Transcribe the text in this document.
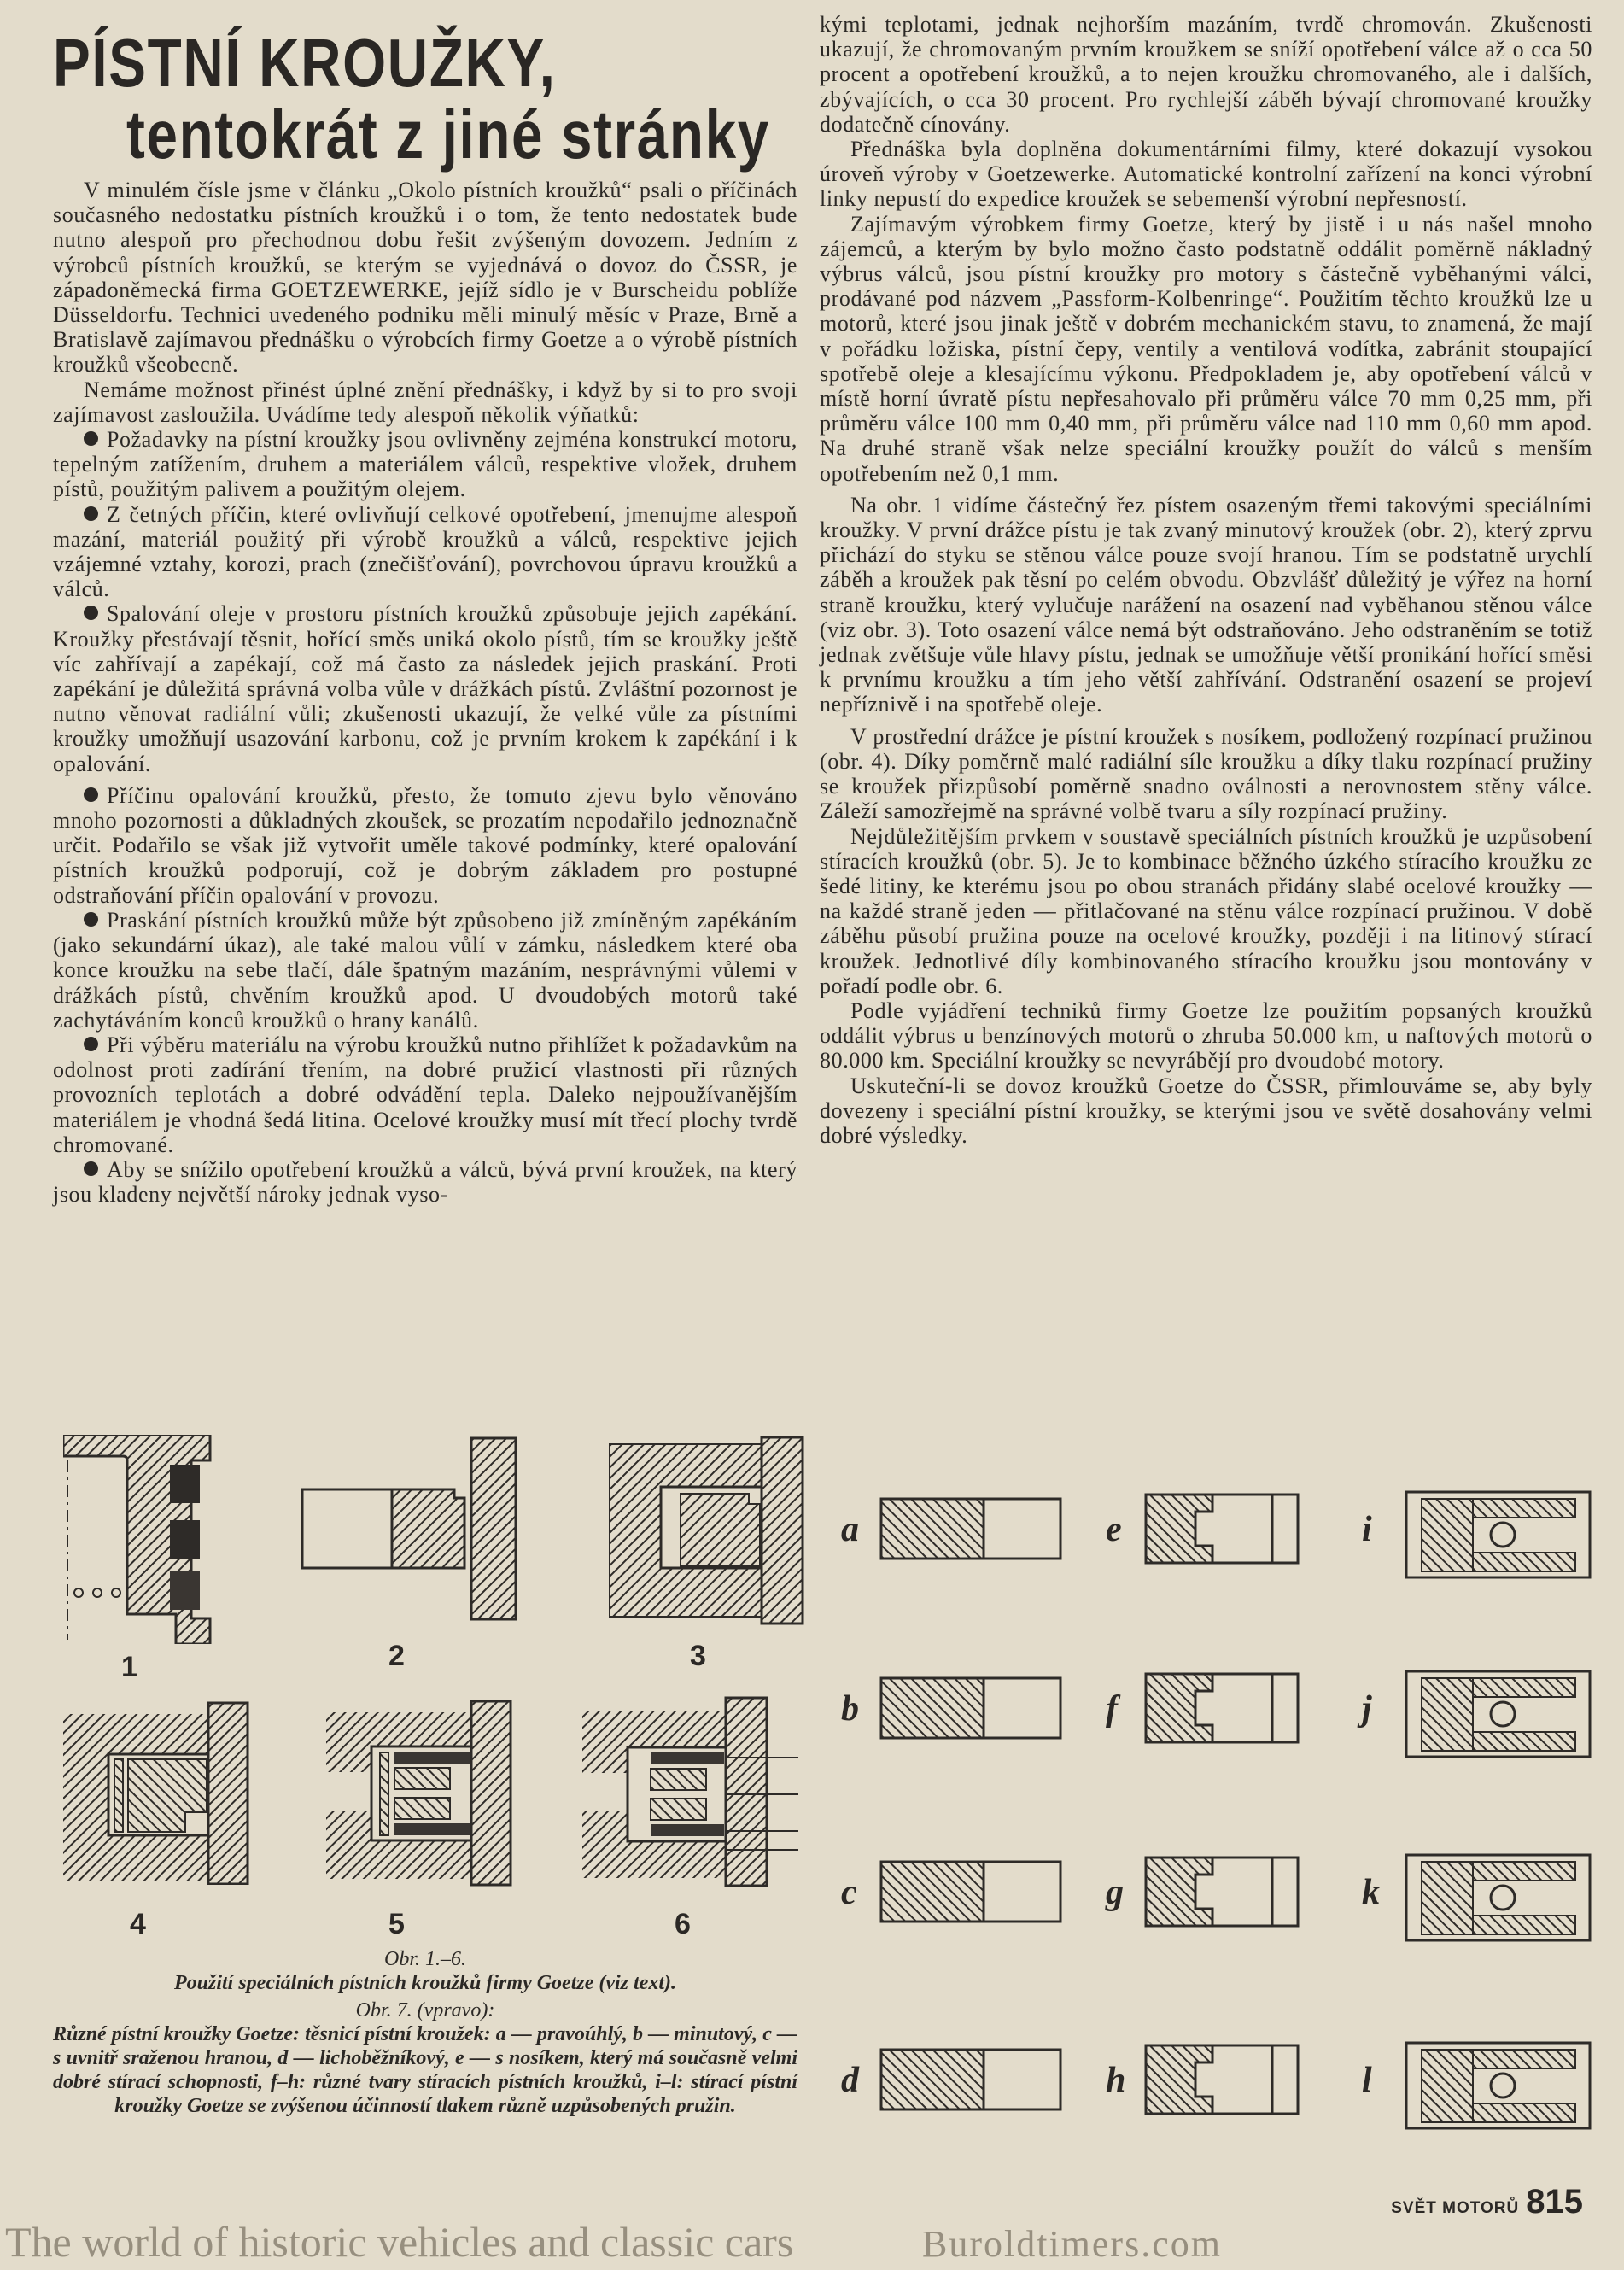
PÍSTNÍ KROUŽKY,
tentokrát z jiné stránky

V minulém čísle jsme v článku „Okolo pístních kroužků“ psali o příčinách současného nedostatku pístních kroužků i o tom, že tento nedostatek bude nutno alespoň pro přechodnou dobu řešit zvýšeným dovozem. Jedním z výrobců pístních kroužků, se kterým se vyjednává o dovoz do ČSSR, je západoněmecká firma GOETZEWERKE, jejíž sídlo je v Burscheidu poblíže Düsseldorfu. Technici uvedeného podniku měli minulý měsíc v Praze, Brně a Bratislavě zajímavou přednášku o výrobcích firmy Goetze a o výrobě pístních kroužků všeobecně.

Nemáme možnost přinést úplné znění přednášky, i když by si to pro svoji zajímavost zasloužila. Uvádíme tedy alespoň několik výňatků:

Požadavky na pístní kroužky jsou ovlivněny zejména konstrukcí motoru, tepelným zatížením, druhem a materiálem válců, respektive vložek, druhem pístů, použitým palivem a použitým olejem.

Z četných příčin, které ovlivňují celkové opotřebení, jmenujme alespoň mazání, materiál použitý při výrobě kroužků a válců, respektive jejich vzájemné vztahy, korozi, prach (znečišťování), povrchovou úpravu kroužků a válců.

Spalování oleje v prostoru pístních kroužků způsobuje jejich zapékání. Kroužky přestávají těsnit, hořící směs uniká okolo pístů, tím se kroužky ještě víc zahřívají a zapékají, což má často za následek jejich praskání. Proti zapékání je důležitá správná volba vůle v drážkách pístů. Zvláštní pozornost je nutno věnovat radiální vůli; zkušenosti ukazují, že velké vůle za pístními kroužky umožňují usazování karbonu, což je prvním krokem k zapékání i k opalování.

Příčinu opalování kroužků, přesto, že tomuto zjevu bylo věnováno mnoho pozornosti a důkladných zkoušek, se prozatím nepodařilo jednoznačně určit. Podařilo se však již vytvořit uměle takové podmínky, které opalování pístních kroužků podporují, což je dobrým základem pro postupné odstraňování příčin opalování v provozu.

Praskání pístních kroužků může být způsobeno již zmíněným zapékáním (jako sekundární úkaz), ale také malou vůlí v zámku, následkem které oba konce kroužku na sebe tlačí, dále špatným mazáním, nesprávnými vůlemi v drážkách pístů, chvěním kroužků apod. U dvoudobých motorů také zachytáváním konců kroužků o hrany kanálů.

Při výběru materiálu na výrobu kroužků nutno přihlížet k požadavkům na odolnost proti zadírání třením, na dobré pružicí vlastnosti při různých provozních teplotách a dobré odvádění tepla. Daleko nejpoužívanějším materiálem je vhodná šedá litina. Ocelové kroužky musí mít třecí plochy tvrdě chromované.

Aby se snížilo opotřebení kroužků a válců, bývá první kroužek, na který jsou kladeny největší nároky jednak vyso-

kými teplotami, jednak nejhorším mazáním, tvrdě chromován. Zkušenosti ukazují, že chromovaným prvním kroužkem se sníží opotřebení válce až o cca 50 procent a opotřebení kroužků, a to nejen kroužku chromovaného, ale i dalších, zbývajících, o cca 30 procent. Pro rychlejší záběh bývají chromované kroužky dodatečně cínovány.

Přednáška byla doplněna dokumentárními filmy, které dokazují vysokou úroveň výroby v Goetzewerke. Automatické kontrolní zařízení na konci výrobní linky nepustí do expedice kroužek se sebemenší výrobní nepřesností.

Zajímavým výrobkem firmy Goetze, který by jistě i u nás našel mnoho zájemců, a kterým by bylo možno často podstatně oddálit poměrně nákladný výbrus válců, jsou pístní kroužky pro motory s částečně vyběhanými válci, prodávané pod názvem „Passform-Kolbenringe“. Použitím těchto kroužků lze u motorů, které jsou jinak ještě v dobrém mechanickém stavu, to znamená, že mají v pořádku ložiska, pístní čepy, ventily a ventilová vodítka, zabránit stoupající spotřebě oleje a klesajícímu výkonu. Předpokladem je, aby opotřebení válců v místě horní úvratě pístu nepřesahovalo při průměru válce 70 mm 0,25 mm, při průměru válce 100 mm 0,40 mm, při průměru válce nad 110 mm 0,60 mm apod. Na druhé straně však nelze speciální kroužky použít do válců s menším opotřebením než 0,1 mm.

Na obr. 1 vidíme částečný řez pístem osazeným třemi takovými speciálními kroužky. V první drážce pístu je tak zvaný minutový kroužek (obr. 2), který zprvu přichází do styku se stěnou válce pouze svojí hranou. Tím se podstatně urychlí záběh a kroužek pak těsní po celém obvodu. Obzvlášť důležitý je výřez na horní straně kroužku, který vylučuje narážení na osazení nad vyběhanou stěnou válce (viz obr. 3). Toto osazení válce nemá být odstraňováno. Jeho odstraněním se totiž jednak zvětšuje vůle hlavy pístu, jednak se umožňuje větší pronikání hořící směsi k prvnímu kroužku a tím jeho větší zahřívání. Odstranění osazení se projeví nepříznivě i na spotřebě oleje.

V prostřední drážce je pístní kroužek s nosíkem, podložený rozpínací pružinou (obr. 4). Díky poměrně malé radiální síle kroužku a díky tlaku rozpínací pružiny se kroužek přizpůsobí poměrně snadno oválnosti a nerovnostem stěny válce. Záleží samozřejmě na správné volbě tvaru a síly rozpínací pružiny.

Nejdůležitějším prvkem v soustavě speciálních pístních kroužků je uzpůsobení stíracích kroužků (obr. 5). Je to kombinace běžného úzkého stíracího kroužku ze šedé litiny, ke kterému jsou po obou stranách přidány slabé ocelové kroužky — na každé straně jeden — přitlačované na stěnu válce rozpínací pružinou. V době záběhu působí pružina pouze na ocelové kroužky, později i na litinový stírací kroužek. Jednotlivé díly kombinovaného stíracího kroužku jsou montovány v pořadí podle obr. 6.

Podle vyjádření techniků firmy Goetze lze použitím popsaných kroužků oddálit výbrus u benzínových motorů o zhruba 50.000 km, u naftových motorů o 80.000 km. Speciální kroužky se nevyrábějí pro dvoudobé motory.

Uskuteční-li se dovoz kroužků Goetze do ČSSR, přimlouváme se, aby byly dovezeny i speciální pístní kroužky, se kterými jsou ve světě dosahovány velmi dobré výsledky.

1	2	3
4	5	6
Obr. 1.–6.
Použití speciálních pístních kroužků firmy Goetze (viz text).
Obr. 7. (vpravo):
Různé pístní kroužky Goetze: těsnicí pístní kroužek: a — pravoúhlý, b — minutový, c — s uvnitř sraženou hranou, d — lichoběžníkový, e — s nosíkem, který má současně velmi dobré stírací schopnosti, f–h: různé tvary stíracích pístních kroužků, i–l: stírací pístní kroužky Goetze se zvýšenou účinností tlakem různě uzpůsobených pružin.
a
b
c
d
e
f
g
h
i
j
k
l
SVĚT MOTORŮ 815
The world of historic vehicles and classic cars	Buroldtimers.com
